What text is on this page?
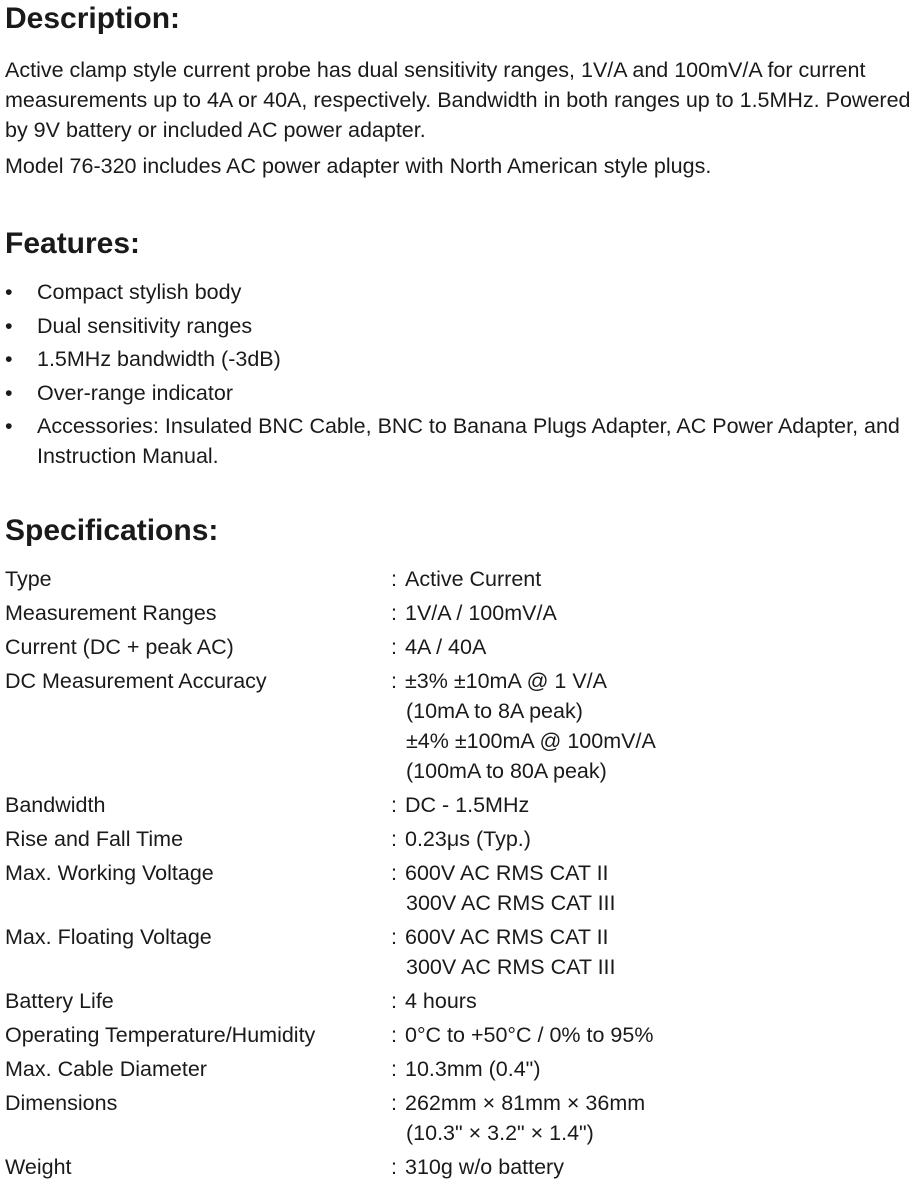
Description:

Active clamp style current probe has dual sensitivity ranges, 1V/A and 100mV/A for current measurements up to 4A or 40A, respectively. Bandwidth in both ranges up to 1.5MHz. Powered by 9V battery or included AC power adapter.

Model 76-320 includes AC power adapter with North American style plugs.

Features:
• Compact stylish body
• Dual sensitivity ranges
• 1.5MHz bandwidth (-3dB)
• Over-range indicator
• Accessories: Insulated BNC Cable, BNC to Banana Plugs Adapter, AC Power Adapter, and Instruction Manual.
Specifications:
Type	: Active Current
Measurement Ranges	: 1V/A / 100mV/A
Current (DC + peak AC)	: 4A / 40A
DC Measurement Accuracy	: ±3% ±10mA @ 1 V/A
(10mA to 8A peak)
±4% ±100mA @ 100mV/A
(100mA to 80A peak)
Bandwidth	: DC - 1.5MHz
Rise and Fall Time	: 0.23μs (Typ.)
Max. Working Voltage	: 600V AC RMS CAT II
300V AC RMS CAT III
Max. Floating Voltage	: 600V AC RMS CAT II
300V AC RMS CAT III
Battery Life	: 4 hours
Operating Temperature/Humidity	: 0°C to +50°C / 0% to 95%
Max. Cable Diameter	: 10.3mm (0.4")
Dimensions	: 262mm × 81mm × 36mm
(10.3" × 3.2" × 1.4")
Weight	: 310g w/o battery
